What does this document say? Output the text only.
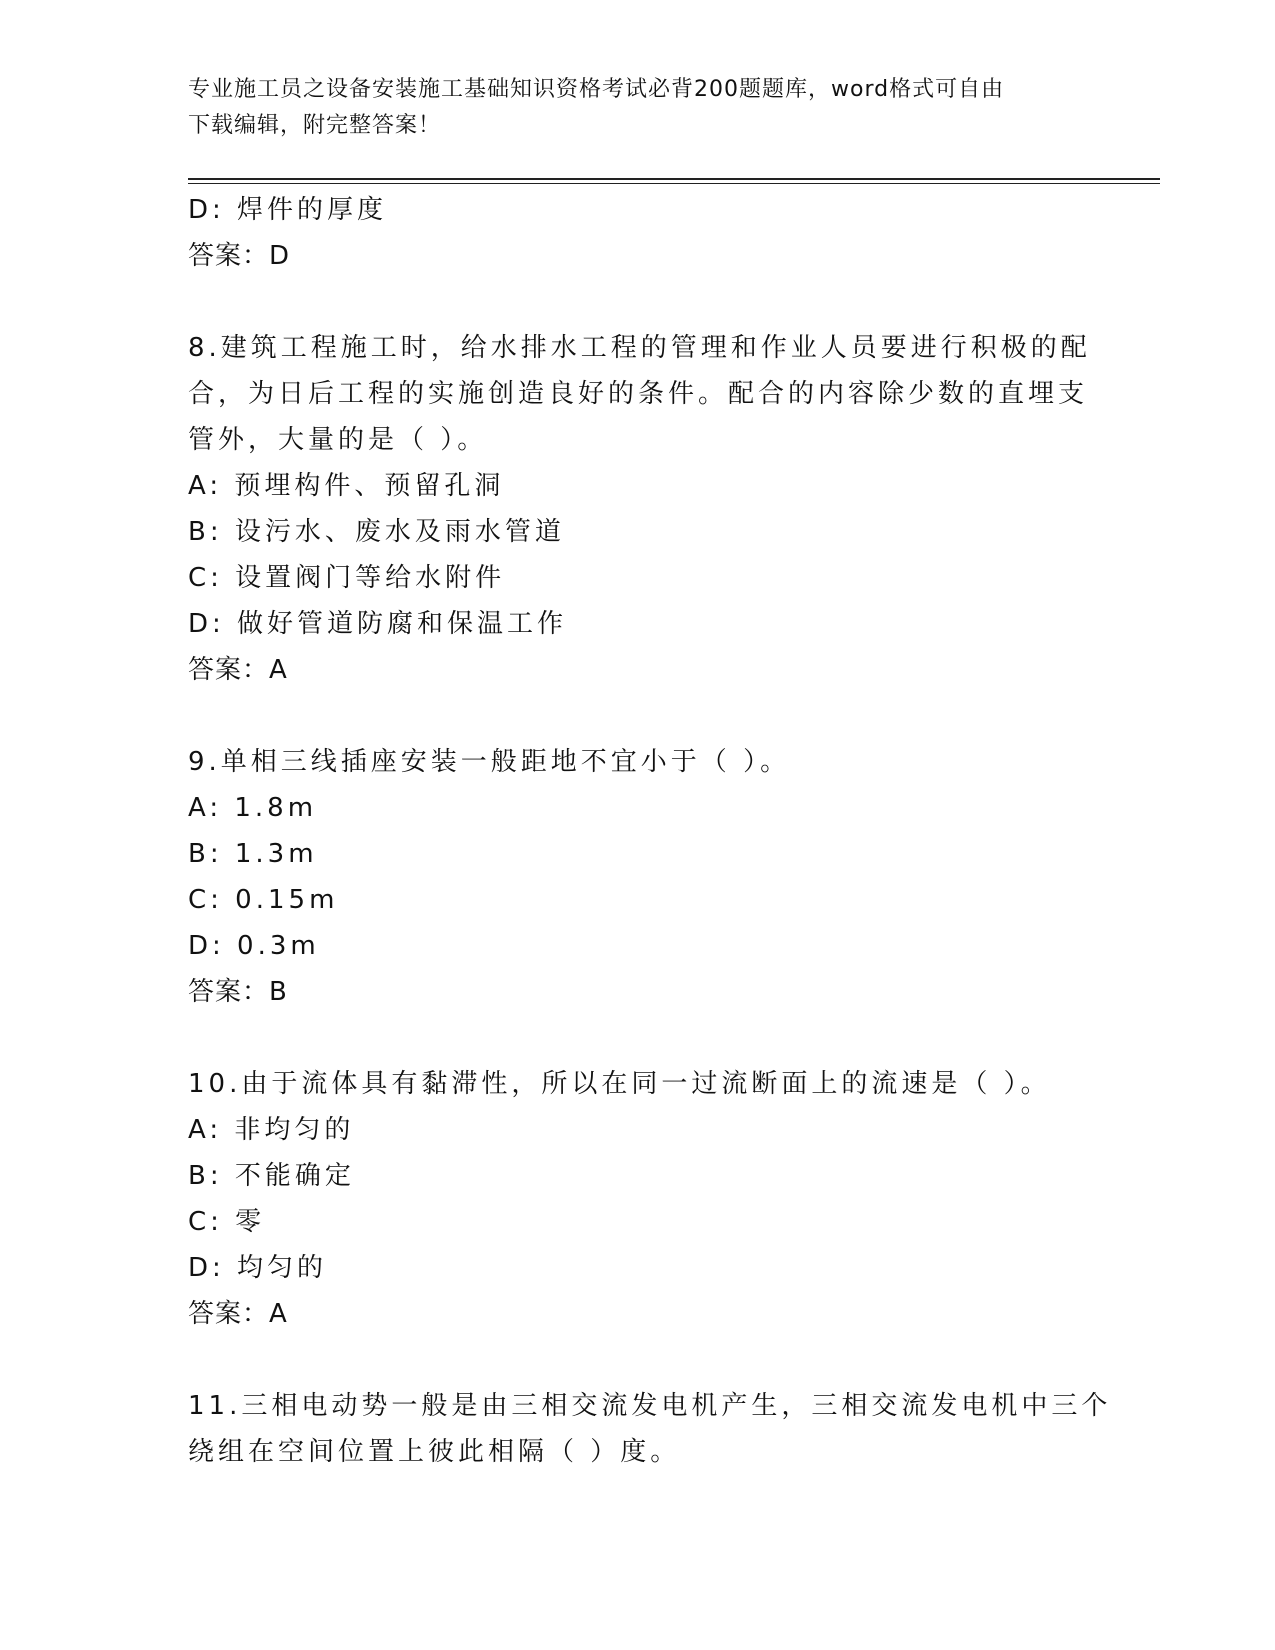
专业施工员之设备安装施工基础知识资格考试必背200题题库，word格式可自由
下载编辑，附完整答案！
D: 焊件的厚度
答案：D
8.建筑工程施工时，给水排水工程的管理和作业人员要进行积极的配
合，为日后工程的实施创造良好的条件。配合的内容除少数的直埋支
管外，大量的是（ ）。
A: 预埋构件、预留孔洞
B: 设污水、废水及雨水管道
C: 设置阀门等给水附件
D: 做好管道防腐和保温工作
答案：A
9.单相三线插座安装一般距地不宜小于（ ）。
A: 1.8m
B: 1.3m
C: 0.15m
D: 0.3m
答案：B
10.由于流体具有黏滞性，所以在同一过流断面上的流速是（ ）。
A: 非均匀的
B: 不能确定
C: 零
D: 均匀的
答案：A
11.三相电动势一般是由三相交流发电机产生，三相交流发电机中三个
绕组在空间位置上彼此相隔（ ）度。
